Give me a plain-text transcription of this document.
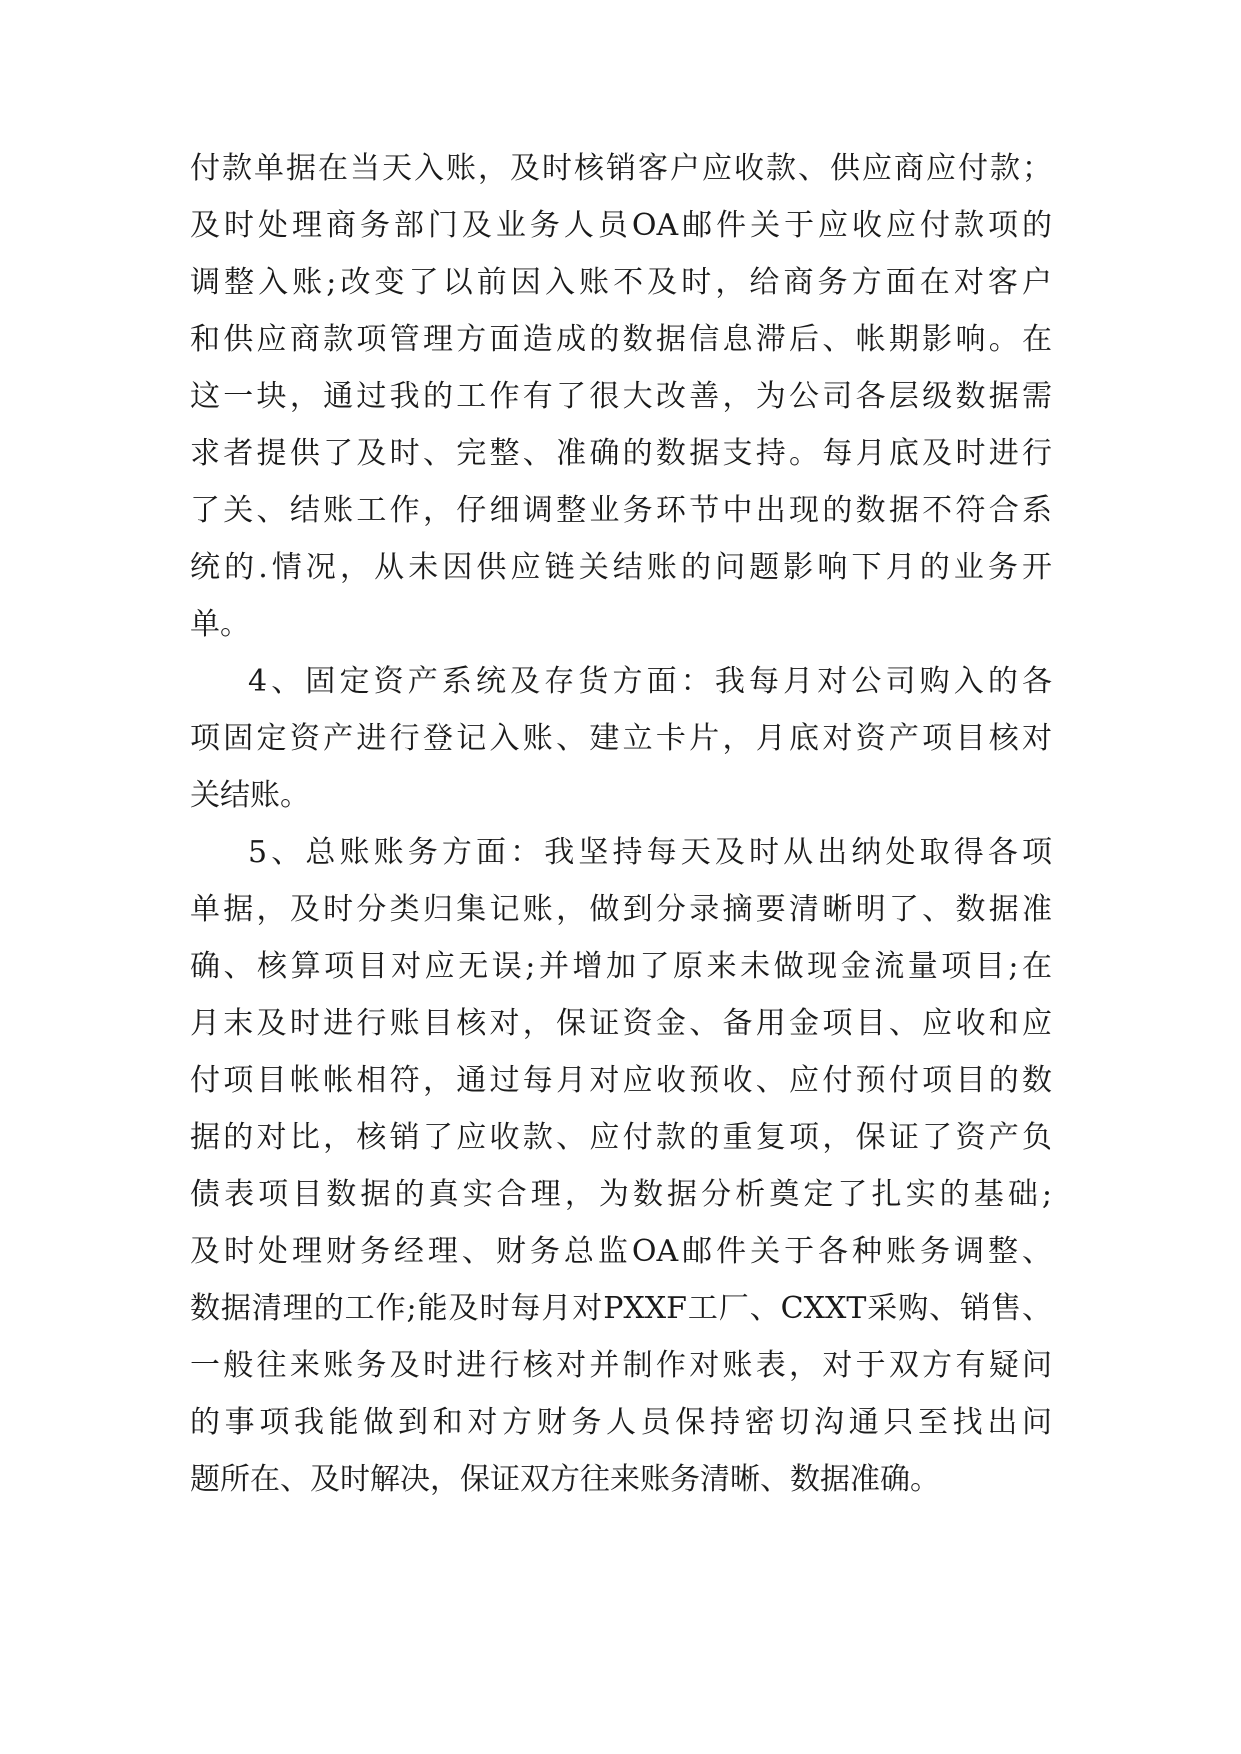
付款单据在当天入账，及时核销客户应收款、供应商应付款；
及时处理商务部门及业务人员OA邮件关于应收应付款项的
调整入账;改变了以前因入账不及时，给商务方面在对客户
和供应商款项管理方面造成的数据信息滞后、帐期影响。在
这一块，通过我的工作有了很大改善，为公司各层级数据需
求者提供了及时、完整、准确的数据支持。每月底及时进行
了关、结账工作，仔细调整业务环节中出现的数据不符合系
统的.情况，从未因供应链关结账的问题影响下月的业务开
单。
4、固定资产系统及存货方面：我每月对公司购入的各
项固定资产进行登记入账、建立卡片，月底对资产项目核对
关结账。
5、总账账务方面：我坚持每天及时从出纳处取得各项
单据，及时分类归集记账，做到分录摘要清晰明了、数据准
确、核算项目对应无误;并增加了原来未做现金流量项目;在
月末及时进行账目核对，保证资金、备用金项目、应收和应
付项目帐帐相符，通过每月对应收预收、应付预付项目的数
据的对比，核销了应收款、应付款的重复项，保证了资产负
债表项目数据的真实合理，为数据分析奠定了扎实的基础;
及时处理财务经理、财务总监OA邮件关于各种账务调整、
数据清理的工作;能及时每月对PXXF工厂、CXXT采购、销售、
一般往来账务及时进行核对并制作对账表，对于双方有疑问
的事项我能做到和对方财务人员保持密切沟通只至找出问
题所在、及时解决，保证双方往来账务清晰、数据准确。
